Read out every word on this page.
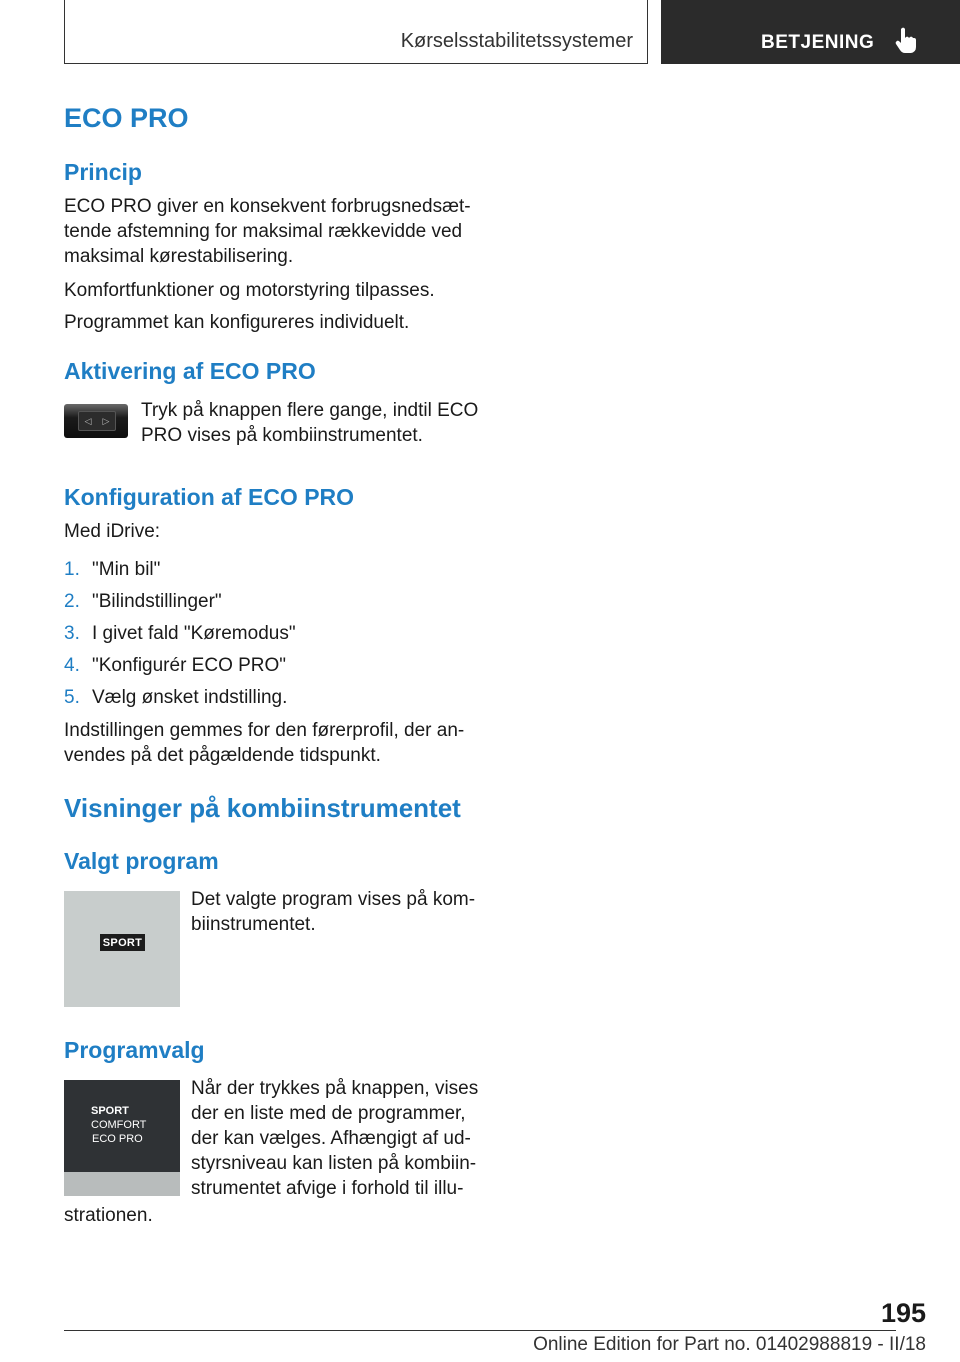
Kørselsstabilitetssystemer	BETJENING
ECO PRO
Princip
ECO PRO giver en konsekvent forbrugsnedsæt-
tende afstemning for maksimal rækkevidde ved
maksimal kørestabilisering.
Komfortfunktioner og motorstyring tilpasses.
Programmet kan konfigureres individuelt.
Aktivering af ECO PRO
◁ ▷ Tryk på knappen flere gange, indtil ECO
PRO vises på kombiinstrumentet.
Konfiguration af ECO PRO
Med iDrive:
1. "Min bil"
2. "Bilindstillinger"
3. I givet fald "Køremodus"
4. "Konfigurér ECO PRO"
5. Vælg ønsket indstilling.
Indstillingen gemmes for den førerprofil, der an-
vendes på det pågældende tidspunkt.
Visninger på kombiinstrumentet
Valgt program
SPORT
Det valgte program vises på kom-
biinstrumentet.
Programvalg
SPORT
COMFORT
ECO PRO
Når der trykkes på knappen, vises
der en liste med de programmer,
der kan vælges. Afhængigt af ud-
styrsniveau kan listen på kombiin-
strumentet afvige i forhold til illu-
strationen.
195
Online Edition for Part no. 01402988819 - II/18
